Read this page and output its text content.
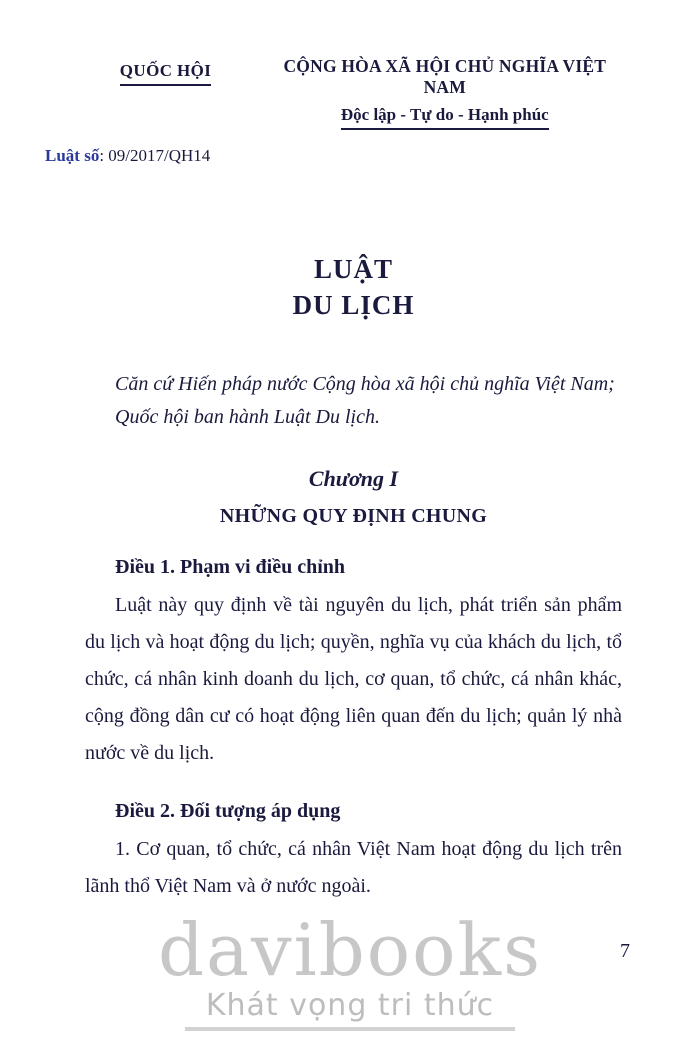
QUỐC HỘI	CỘNG HÒA XÃ HỘI CHỦ NGHĨA VIỆT NAM
Độc lập - Tự do - Hạnh phúc
Luật số: 09/2017/QH14
LUẬT
DU LỊCH

Căn cứ Hiến pháp nước Cộng hòa xã hội chủ nghĩa Việt Nam;

Quốc hội ban hành Luật Du lịch.

Chương I
NHỮNG QUY ĐỊNH CHUNG
Điều 1. Phạm vi điều chỉnh

Luật này quy định về tài nguyên du lịch, phát triển sản phẩm du lịch và hoạt động du lịch; quyền, nghĩa vụ của khách du lịch, tổ chức, cá nhân kinh doanh du lịch, cơ quan, tổ chức, cá nhân khác, cộng đồng dân cư có hoạt động liên quan đến du lịch; quản lý nhà nước về du lịch.

Điều 2. Đối tượng áp dụng

1. Cơ quan, tổ chức, cá nhân Việt Nam hoạt động du lịch trên lãnh thổ Việt Nam và ở nước ngoài.

7
davibooks
Khát vọng tri thức
